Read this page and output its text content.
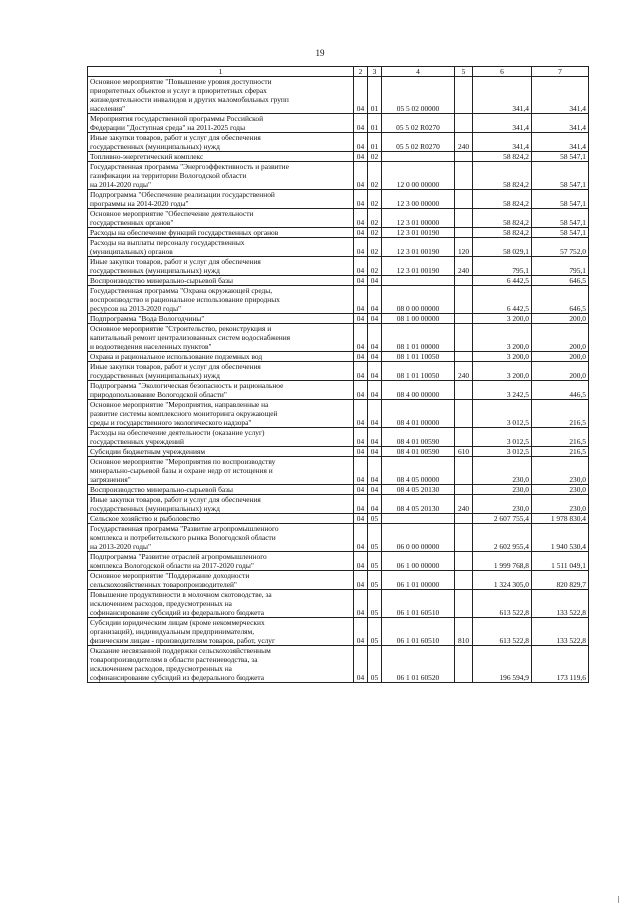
19
1	2	3	4	5	6	7
Основное мероприятие "Повышение уровня доступности
приоритетных объектов и услуг в приоритетных сферах
жизнедеятельности инвалидов и других маломобильных групп
населения"	04	01	05 5 02 00000		341,4	341,4
Мероприятия государственной программы Российской
Федерации "Доступная среда" на 2011-2025 годы	04	01	05 5 02 R0270		341,4	341,4
Иные закупки товаров, работ и услуг для обеспечения
государственных (муниципальных) нужд	04	01	05 5 02 R0270	240	341,4	341,4
Топливно-энергетический комплекс	04	02			58 824,2	58 547,1
Государственная программа "Энергоэффективность и развитие
газификации на территории Вологодской области
на 2014-2020 годы"	04	02	12 0 00 00000		58 824,2	58 547,1
Подпрограмма "Обеспечение реализации государственной
программы на 2014-2020 годы"	04	02	12 3 00 00000		58 824,2	58 547,1
Основное мероприятие "Обеспечение деятельности
государственных органов"	04	02	12 3 01 00000		58 824,2	58 547,1
Расходы на обеспечение функций государственных органов	04	02	12 3 01 00190		58 824,2	58 547,1
Расходы на выплаты персоналу государственных
(муниципальных) органов	04	02	12 3 01 00190	120	58 029,1	57 752,0
Иные закупки товаров, работ и услуг для обеспечения
государственных (муниципальных) нужд	04	02	12 3 01 00190	240	795,1	795,1
Воспроизводство минерально-сырьевой базы	04	04			6 442,5	646,5
Государственная программа "Охрана окружающей среды,
воспроизводство и рациональное использование природных
ресурсов на 2013-2020 годы"	04	04	08 0 00 00000		6 442,5	646,5
Подпрограмма "Вода Вологодчины"	04	04	08 1 00 00000		3 200,0	200,0
Основное мероприятие "Строительство, реконструкция и
капитальный ремонт централизованных систем водоснабжения
и водоотведения населенных пунктов"	04	04	08 1 01 00000		3 200,0	200,0
Охрана и рациональное использование подземных вод	04	04	08 1 01 10050		3 200,0	200,0
Иные закупки товаров, работ и услуг для обеспечения
государственных (муниципальных) нужд	04	04	08 1 01 10050	240	3 200,0	200,0
Подпрограмма "Экологическая безопасность и рациональное
природопользование Вологодской области"	04	04	08 4 00 00000		3 242,5	446,5
Основное мероприятие "Мероприятия, направленные на
развитие системы комплексного мониторинга окружающей
среды и государственного экологического надзора"	04	04	08 4 01 00000		3 012,5	216,5
Расходы на обеспечение деятельности (оказание услуг)
государственных учреждений	04	04	08 4 01 00590		3 012,5	216,5
Субсидии бюджетным учреждениям	04	04	08 4 01 00590	610	3 012,5	216,5
Основное мероприятие "Мероприятия по воспроизводству
минерально-сырьевой базы и охране недр от истощения и
загрязнения"	04	04	08 4 05 00000		230,0	230,0
Воспроизводство минерально-сырьевой базы	04	04	08 4 05 20130		230,0	230,0
Иные закупки товаров, работ и услуг для обеспечения
государственных (муниципальных) нужд	04	04	08 4 05 20130	240	230,0	230,0
Сельское хозяйство и рыболовство	04	05			2 607 755,4	1 978 830,4
Государственная программа "Развитие агропромышленного
комплекса и потребительского рынка Вологодской области
на 2013-2020 годы"	04	05	06 0 00 00000		2 602 955,4	1 940 530,4
Подпрограмма "Развитие отраслей агропромышленного
комплекса Вологодской области на 2017-2020 годы"	04	05	06 1 00 00000		1 999 768,8	1 511 049,1
Основное мероприятие "Поддержание доходности
сельскохозяйственных товаропроизводителей"	04	05	06 1 01 00000		1 324 305,0	820 829,7
Повышение продуктивности в молочном скотоводстве, за
исключением расходов, предусмотренных на
софинансирование субсидий из федерального бюджета	04	05	06 1 01 60510		613 522,8	133 522,8
Субсидии юридическим лицам (кроме некоммерческих
организаций), индивидуальным предпринимателям,
физическим лицам - производителям товаров, работ, услуг	04	05	06 1 01 60510	810	613 522,8	133 522,8
Оказание несвязанной поддержки сельскохозяйственным
товаропроизводителям в области растениеводства, за
исключением расходов, предусмотренных на
софинансирование субсидий из федерального бюджета	04	05	06 1 01 60520		196 594,9	173 119,6
